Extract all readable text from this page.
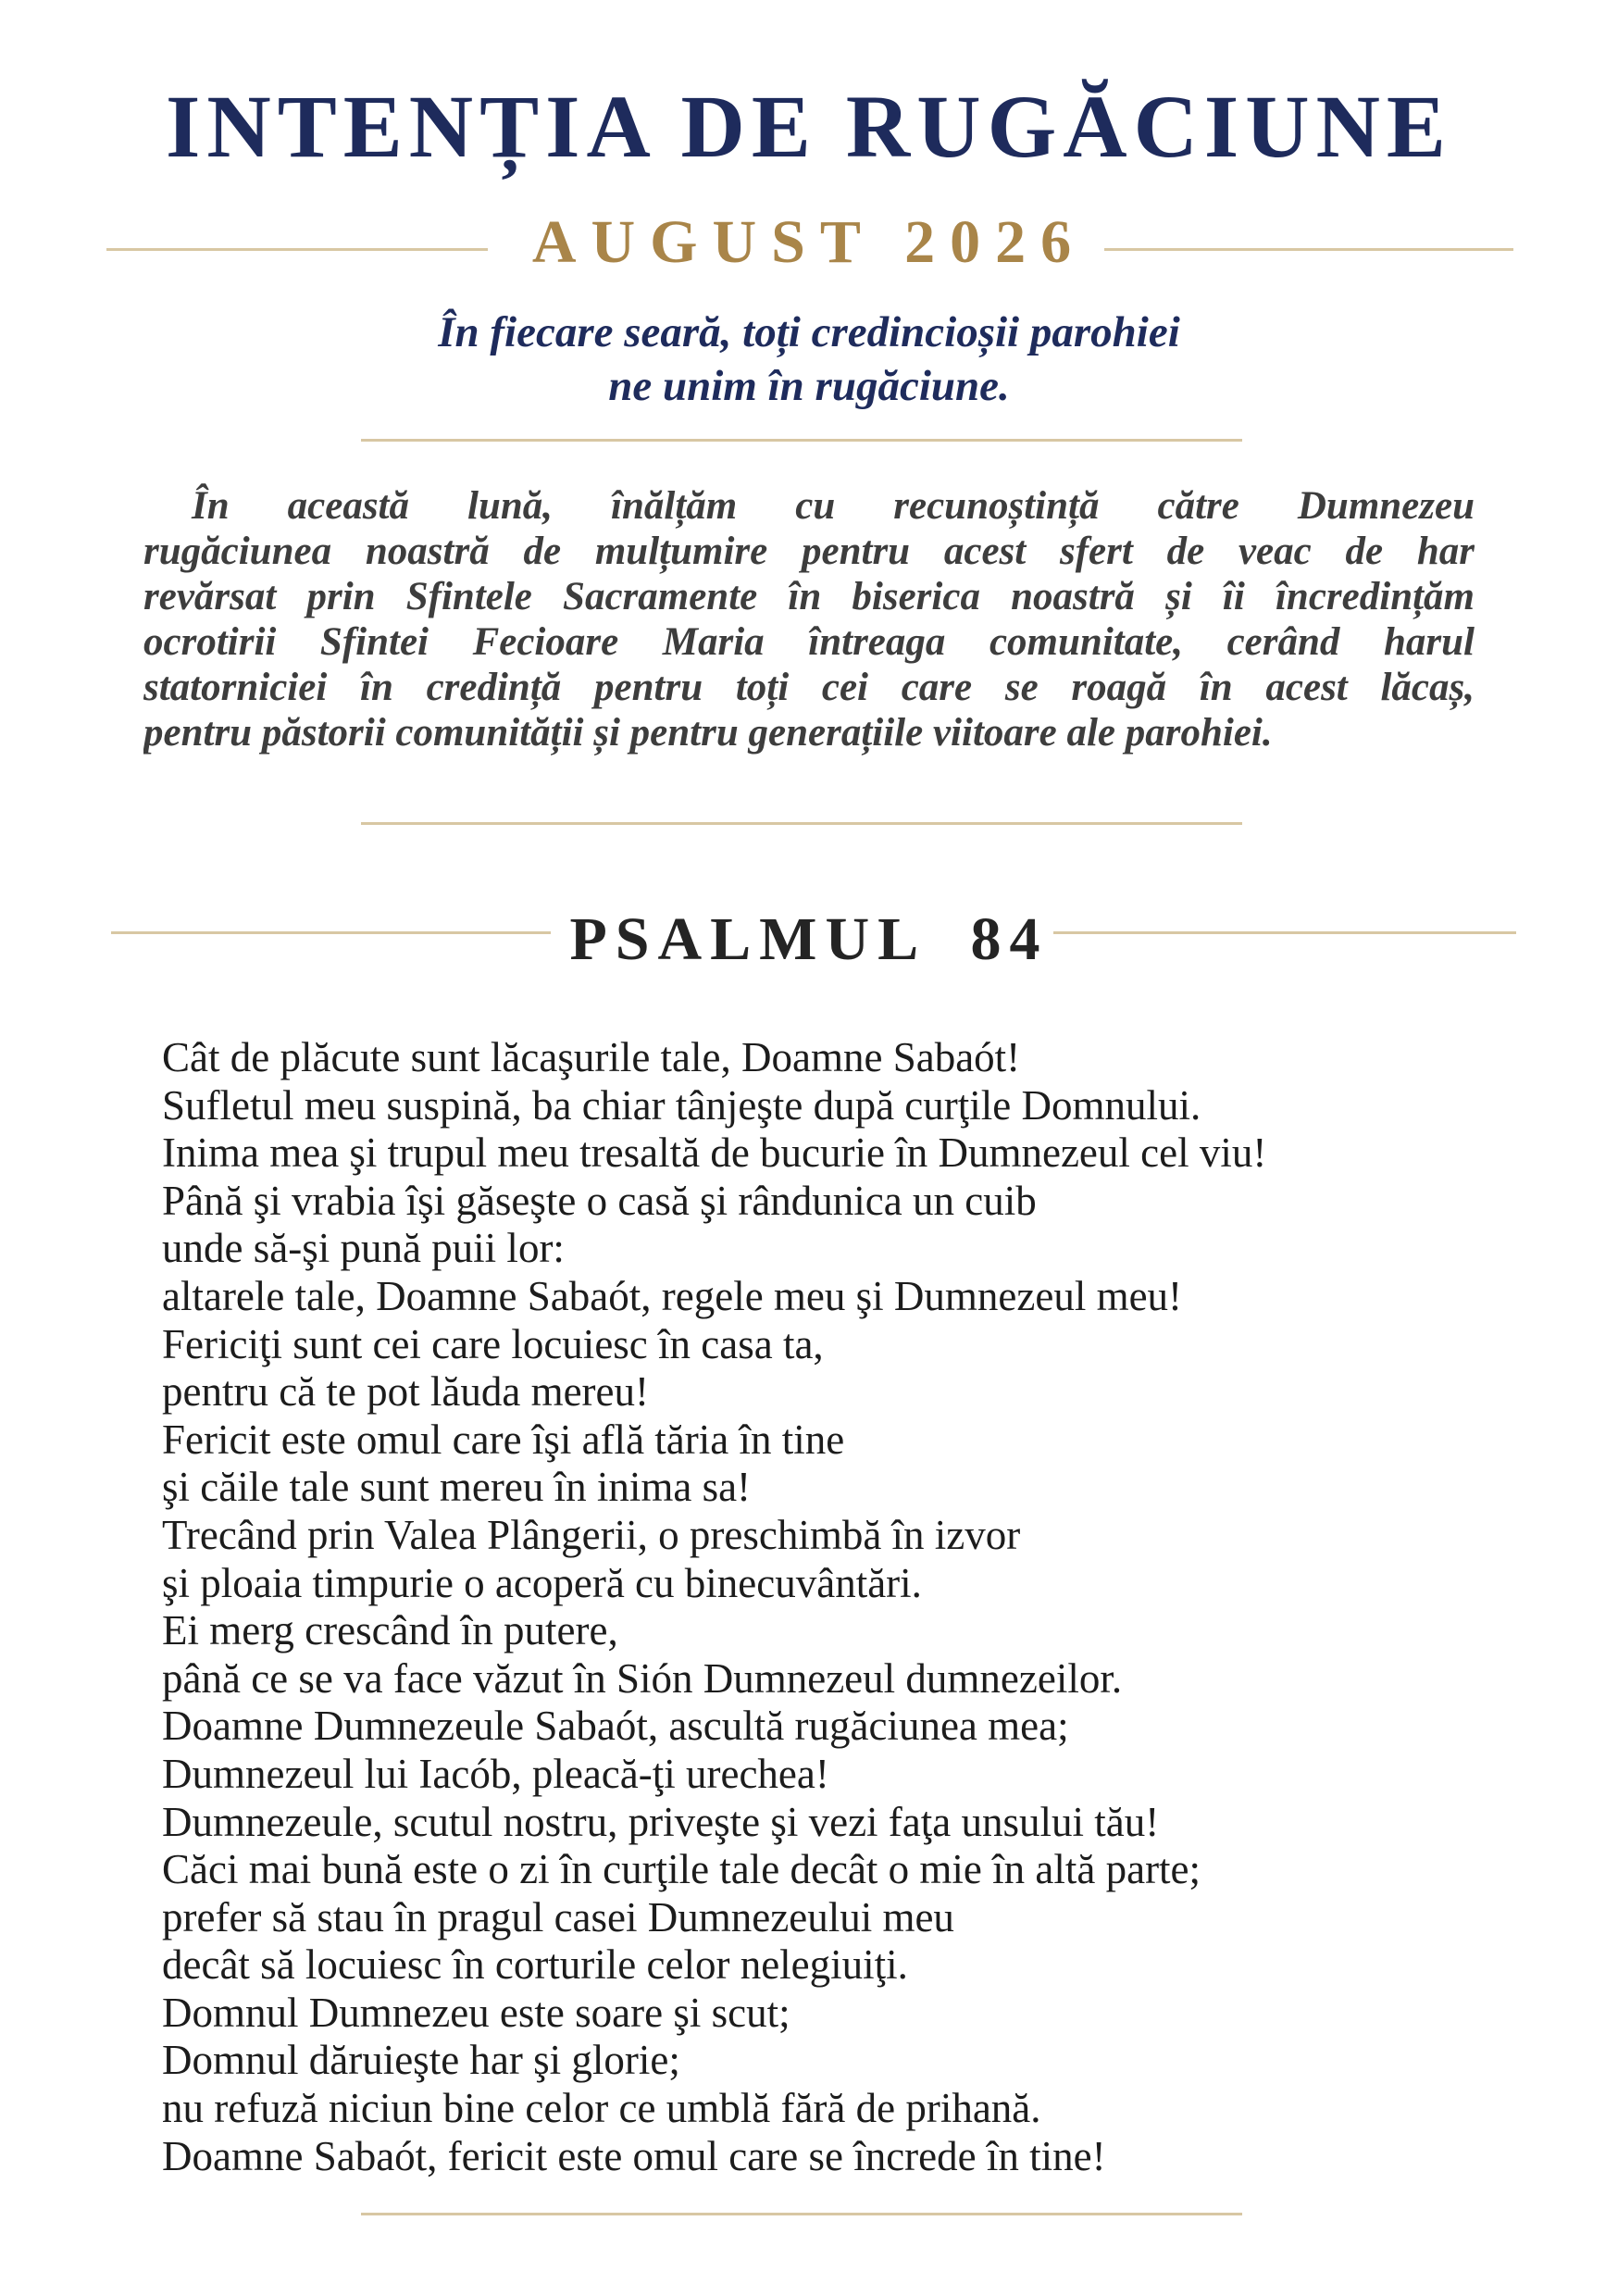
INTENȚIA DE RUGĂCIUNE
AUGUST 2026
În fiecare seară, toți credincioșii parohiei
ne unim în rugăciune.
În această lună, înălțăm cu recunoștință către Dumnezeu
rugăciunea noastră de mulțumire pentru acest sfert de veac de har
revărsat prin Sfintele Sacramente în biserica noastră și îi încredințăm
ocrotirii Sfintei Fecioare Maria întreaga comunitate, cerând harul
statorniciei în credință pentru toți cei care se roagă în acest lăcaș,
pentru păstorii comunității și pentru generațiile viitoare ale parohiei.
PSALMUL  84
Cât de plăcute sunt lăcaşurile tale, Doamne Sabaót!
Sufletul meu suspină, ba chiar tânjeşte după curţile Domnului.
Inima mea şi trupul meu tresaltă de bucurie în Dumnezeul cel viu!
Până şi vrabia îşi găseşte o casă şi rândunica un cuib
unde să-şi pună puii lor:
altarele tale, Doamne Sabaót, regele meu şi Dumnezeul meu!
Fericiţi sunt cei care locuiesc în casa ta,
pentru că te pot lăuda mereu!
Fericit este omul care îşi află tăria în tine
şi căile tale sunt mereu în inima sa!
Trecând prin Valea Plângerii, o preschimbă în izvor
şi ploaia timpurie o acoperă cu binecuvântări.
Ei merg crescând în putere,
până ce se va face văzut în Sión Dumnezeul dumnezeilor.
Doamne Dumnezeule Sabaót, ascultă rugăciunea mea;
Dumnezeul lui Iacób, pleacă-ţi urechea!
Dumnezeule, scutul nostru, priveşte şi vezi faţa unsului tău!
Căci mai bună este o zi în curţile tale decât o mie în altă parte;
prefer să stau în pragul casei Dumnezeului meu
decât să locuiesc în corturile celor nelegiuiţi.
Domnul Dumnezeu este soare şi scut;
Domnul dăruieşte har şi glorie;
nu refuză niciun bine celor ce umblă fără de prihană.
Doamne Sabaót, fericit este omul care se încrede în tine!
